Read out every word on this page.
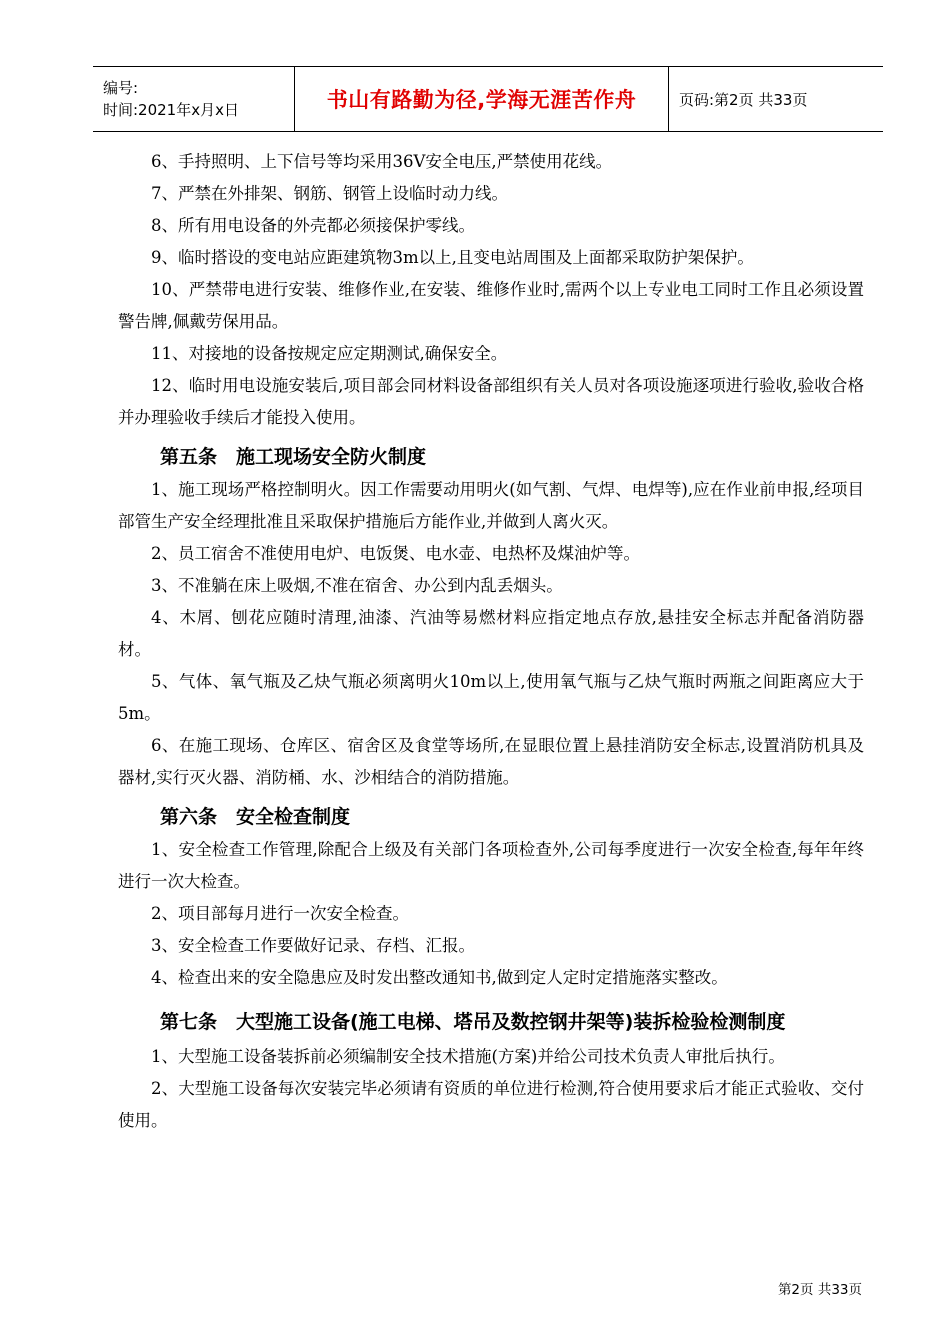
编号:
时间:2021年x月x日	书山有路勤为径,学海无涯苦作舟	页码:第2页 共33页

6、手持照明、上下信号等均采用36V安全电压,严禁使用花线。

7、严禁在外排架、钢筋、钢管上设临时动力线。

8、所有用电设备的外壳都必须接保护零线。

9、临时搭设的变电站应距建筑物3m以上,且变电站周围及上面都采取防护架保护。

10、严禁带电进行安装、维修作业,在安装、维修作业时,需两个以上专业电工同时工作且必须设置警告牌,佩戴劳保用品。

11、对接地的设备按规定应定期测试,确保安全。

12、临时用电设施安装后,项目部会同材料设备部组织有关人员对各项设施逐项进行验收,验收合格并办理验收手续后才能投入使用。

第五条　施工现场安全防火制度

1、施工现场严格控制明火。因工作需要动用明火(如气割、气焊、电焊等),应在作业前申报,经项目部管生产安全经理批准且采取保护措施后方能作业,并做到人离火灭。

2、员工宿舍不准使用电炉、电饭煲、电水壶、电热杯及煤油炉等。

3、不准躺在床上吸烟,不准在宿舍、办公到内乱丢烟头。

4、木屑、刨花应随时清理,油漆、汽油等易燃材料应指定地点存放,悬挂安全标志并配备消防器材。

5、气体、氧气瓶及乙炔气瓶必须离明火10m以上,使用氧气瓶与乙炔气瓶时两瓶之间距离应大于5m。

6、在施工现场、仓库区、宿舍区及食堂等场所,在显眼位置上悬挂消防安全标志,设置消防机具及器材,实行灭火器、消防桶、水、沙相结合的消防措施。

第六条　安全检查制度

1、安全检查工作管理,除配合上级及有关部门各项检查外,公司每季度进行一次安全检查,每年年终进行一次大检查。

2、项目部每月进行一次安全检查。

3、安全检查工作要做好记录、存档、汇报。

4、检查出来的安全隐患应及时发出整改通知书,做到定人定时定措施落实整改。

第七条　大型施工设备(施工电梯、塔吊及数控钢井架等)装拆检验检测制度

1、大型施工设备装拆前必须编制安全技术措施(方案)并给公司技术负责人审批后执行。

2、大型施工设备每次安装完毕必须请有资质的单位进行检测,符合使用要求后才能正式验收、交付使用。

第2页 共33页
